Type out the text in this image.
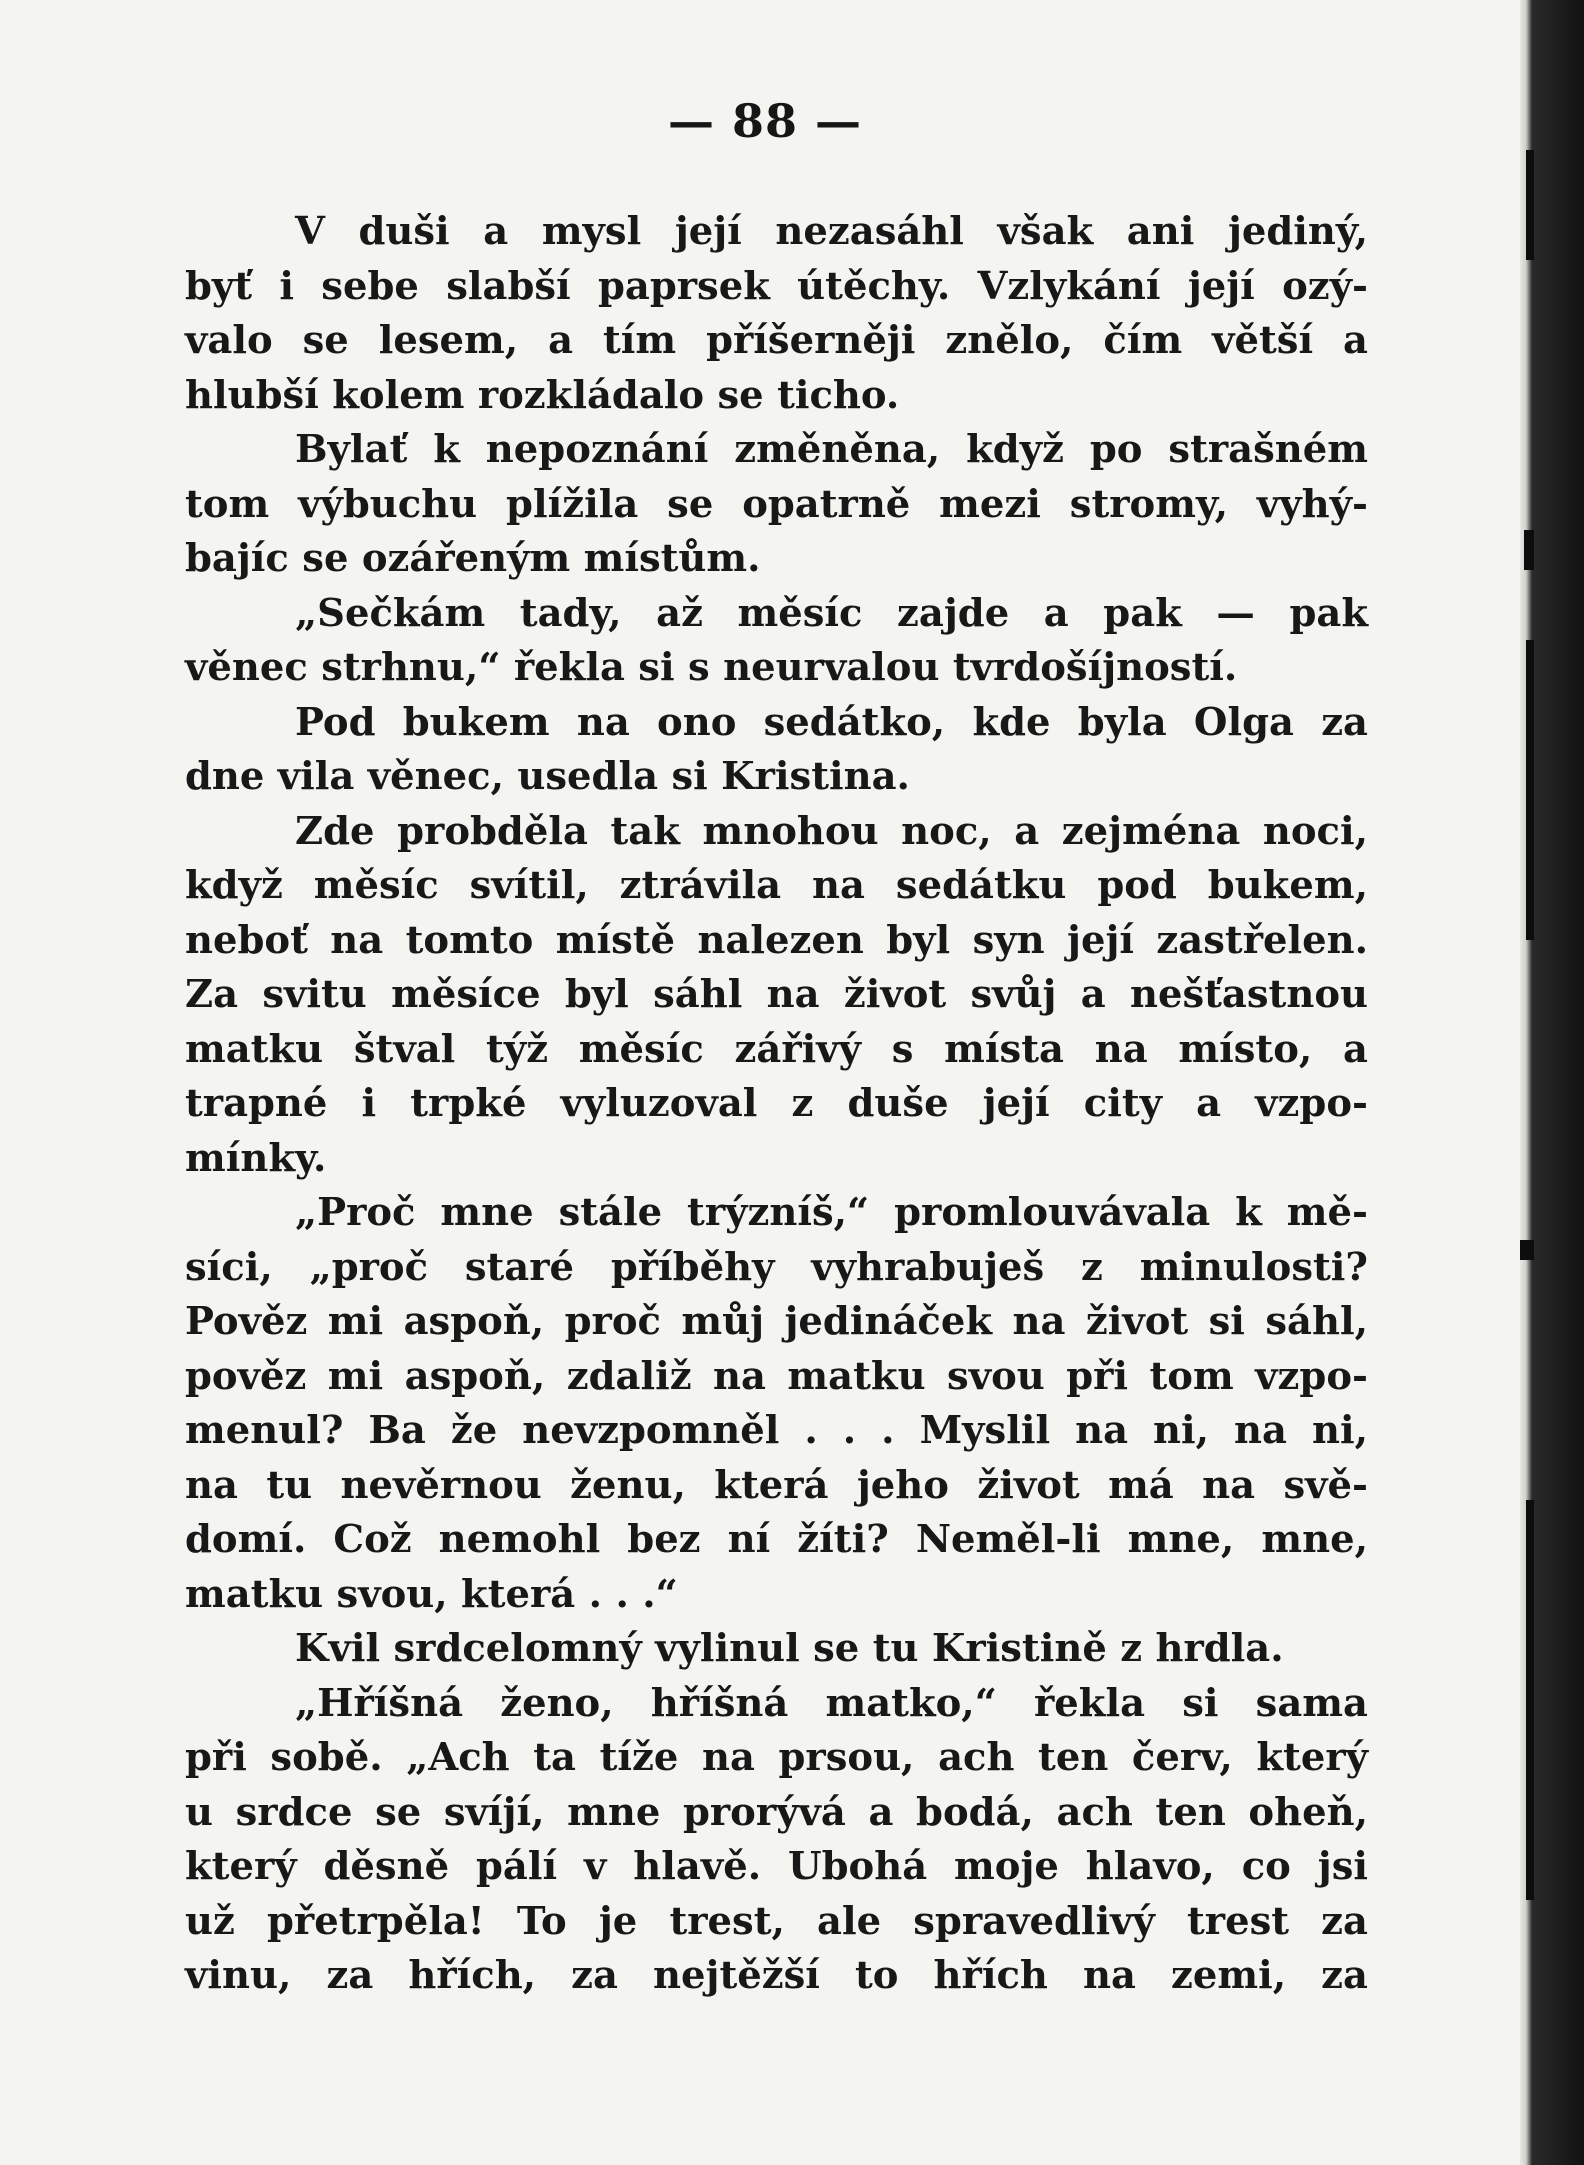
— 88 —
V duši a mysl její nezasáhl však ani jediný,
byť i sebe slabší paprsek útěchy. Vzlykání její ozý-
valo se lesem, a tím příšerněji znělo, čím větší a
hlubší kolem rozkládalo se ticho.
Bylať k nepoznání změněna, když po strašném
tom výbuchu plížila se opatrně mezi stromy, vyhý-
bajíc se ozářeným místům.
„Sečkám tady, až měsíc zajde a pak — pak
věnec strhnu,“ řekla si s neurvalou tvrdošíjností.
Pod bukem na ono sedátko, kde byla Olga za
dne vila věnec, usedla si Kristina.
Zde probděla tak mnohou noc, a zejména noci,
když měsíc svítil, ztrávila na sedátku pod bukem,
neboť na tomto místě nalezen byl syn její zastřelen.
Za svitu měsíce byl sáhl na život svůj a nešťastnou
matku štval týž měsíc zářivý s místa na místo, a
trapné i trpké vyluzoval z duše její city a vzpo-
mínky.
„Proč mne stále trýzníš,“ promlouvávala k mě-
síci, „proč staré příběhy vyhrabuješ z minulosti?
Pověz mi aspoň, proč můj jedináček na život si sáhl,
pověz mi aspoň, zdaliž na matku svou při tom vzpo-
menul? Ba že nevzpomněl . . . Myslil na ni, na ni,
na tu nevěrnou ženu, která jeho život má na svě-
domí. Což nemohl bez ní žíti? Neměl-li mne, mne,
matku svou, která . . .“
Kvil srdcelomný vylinul se tu Kristině z hrdla.
„Hříšná ženo, hříšná matko,“ řekla si sama
při sobě. „Ach ta tíže na prsou, ach ten červ, který
u srdce se svíjí, mne prorývá a bodá, ach ten oheň,
který děsně pálí v hlavě. Ubohá moje hlavo, co jsi
už přetrpěla! To je trest, ale spravedlivý trest za
vinu, za hřích, za nejtěžší to hřích na zemi, za
